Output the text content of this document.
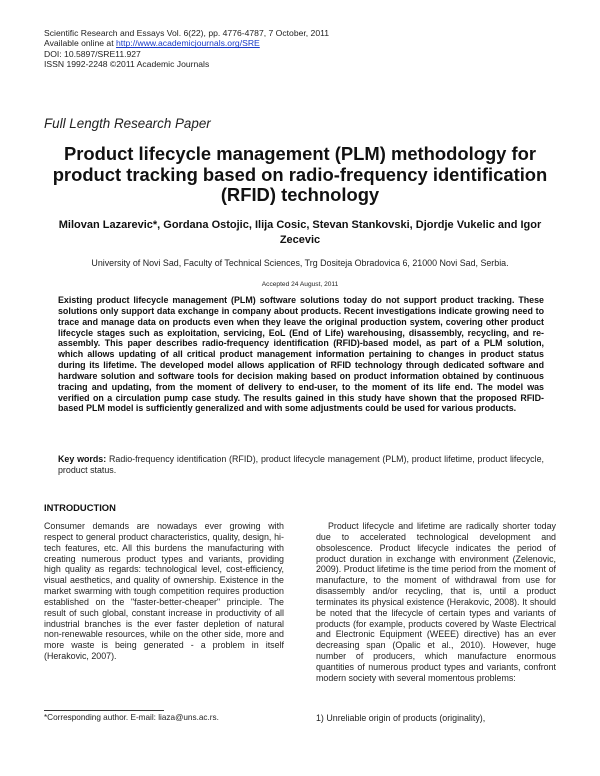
Scientific Research and Essays Vol. 6(22), pp. 4776-4787, 7 October, 2011
Available online at http://www.academicjournals.org/SRE
DOI: 10.5897/SRE11.927
ISSN 1992-2248 ©2011 Academic Journals
Full Length Research Paper
Product lifecycle management (PLM) methodology for product tracking based on radio-frequency identification (RFID) technology
Milovan Lazarevic*, Gordana Ostojic, Ilija Cosic, Stevan Stankovski, Djordje Vukelic and Igor Zecevic
University of Novi Sad, Faculty of Technical Sciences, Trg Dositeja Obradovica 6, 21000 Novi Sad, Serbia.
Accepted 24 August, 2011
Existing product lifecycle management (PLM) software solutions today do not support product tracking. These solutions only support data exchange in company about products. Recent investigations indicate growing need to trace and manage data on products even when they leave the original production system, covering other product lifecycle stages such as exploitation, servicing, EoL (End of Life) warehousing, disassembly, recycling, and re-assembly. This paper describes radio-frequency identification (RFID)-based model, as part of a PLM solution, which allows updating of all critical product management information pertaining to changes in product status during its lifetime. The developed model allows application of RFID technology through dedicated software and hardware solution and software tools for decision making based on product information obtained by continuous tracing and updating, from the moment of delivery to end-user, to the moment of its life end. The model was verified on a circulation pump case study. The results gained in this study have shown that the proposed RFID-based PLM model is sufficiently generalized and with some adjustments could be used for various products.
Key words: Radio-frequency identification (RFID), product lifecycle management (PLM), product lifetime, product lifecycle, product status.
INTRODUCTION

Consumer demands are nowadays ever growing with respect to general product characteristics, quality, design, hi-tech features, etc. All this burdens the manufacturing with creating numerous product types and variants, providing high quality as regards: technological level, cost-efficiency, visual aesthetics, and quality of ownership. Existence in the market swarming with tough competition requires production established on the "faster-better-cheaper" principle. The result of such global, constant increase in productivity of all industrial branches is the ever faster depletion of natural non-renewable resources, while on the other side, more and more waste is being generated - a problem in itself (Herakovic, 2007).

Product lifecycle and lifetime are radically shorter today due to accelerated technological development and obsolescence. Product lifecycle indicates the period of product duration in exchange with environment (Zelenovic, 2009). Product lifetime is the time period from the moment of manufacture, to the moment of withdrawal from use for disassembly and/or recycling, that is, until a product terminates its physical existence (Herakovic, 2008). It should be noted that the lifecycle of certain types and variants of products (for example, products covered by Waste Electrical and Electronic Equipment (WEEE) directive) has an ever decreasing span (Opalic et al., 2010). However, huge number of producers, which manufacture enormous quantities of numerous product types and variants, confront modern society with several momentous problems:

*Corresponding author. E-mail: liaza@uns.ac.rs.	1) Unreliable origin of products (originality),
